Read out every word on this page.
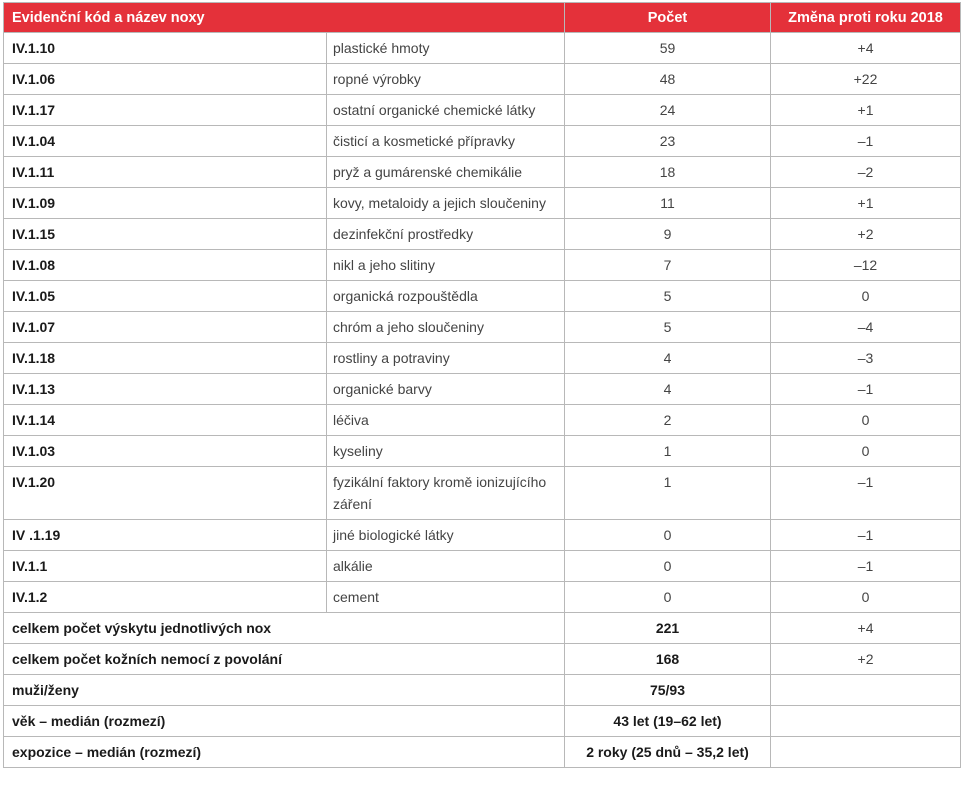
Evidenční kód a název noxy		Počet	Změna proti roku 2018
IV.1.10	plastické hmoty	59	+4
IV.1.06	ropné výrobky	48	+22
IV.1.17	ostatní organické chemické látky	24	+1
IV.1.04	čisticí a kosmetické přípravky	23	–1
IV.1.11	pryž a gumárenské chemikálie	18	–2
IV.1.09	kovy, metaloidy a jejich sloučeniny	11	+1
IV.1.15	dezinfekční prostředky	9	+2
IV.1.08	nikl a jeho slitiny	7	–12
IV.1.05	organická rozpouštědla	5	0
IV.1.07	chróm a jeho sloučeniny	5	–4
IV.1.18	rostliny a potraviny	4	–3
IV.1.13	organické barvy	4	–1
IV.1.14	léčiva	2	0
IV.1.03	kyseliny	1	0
IV.1.20	fyzikální faktory kromě ionizujícího záření	1	–1
IV .1.19	jiné biologické látky	0	–1
IV.1.1	alkálie	0	–1
IV.1.2	cement	0	0
celkem počet výskytu jednotlivých nox		221	+4
celkem počet kožních nemocí z povolání		168	+2
muži/ženy		75/93	
věk – medián (rozmezí)		43 let (19–62 let)	
expozice – medián (rozmezí)		2 roky (25 dnů – 35,2 let)	
